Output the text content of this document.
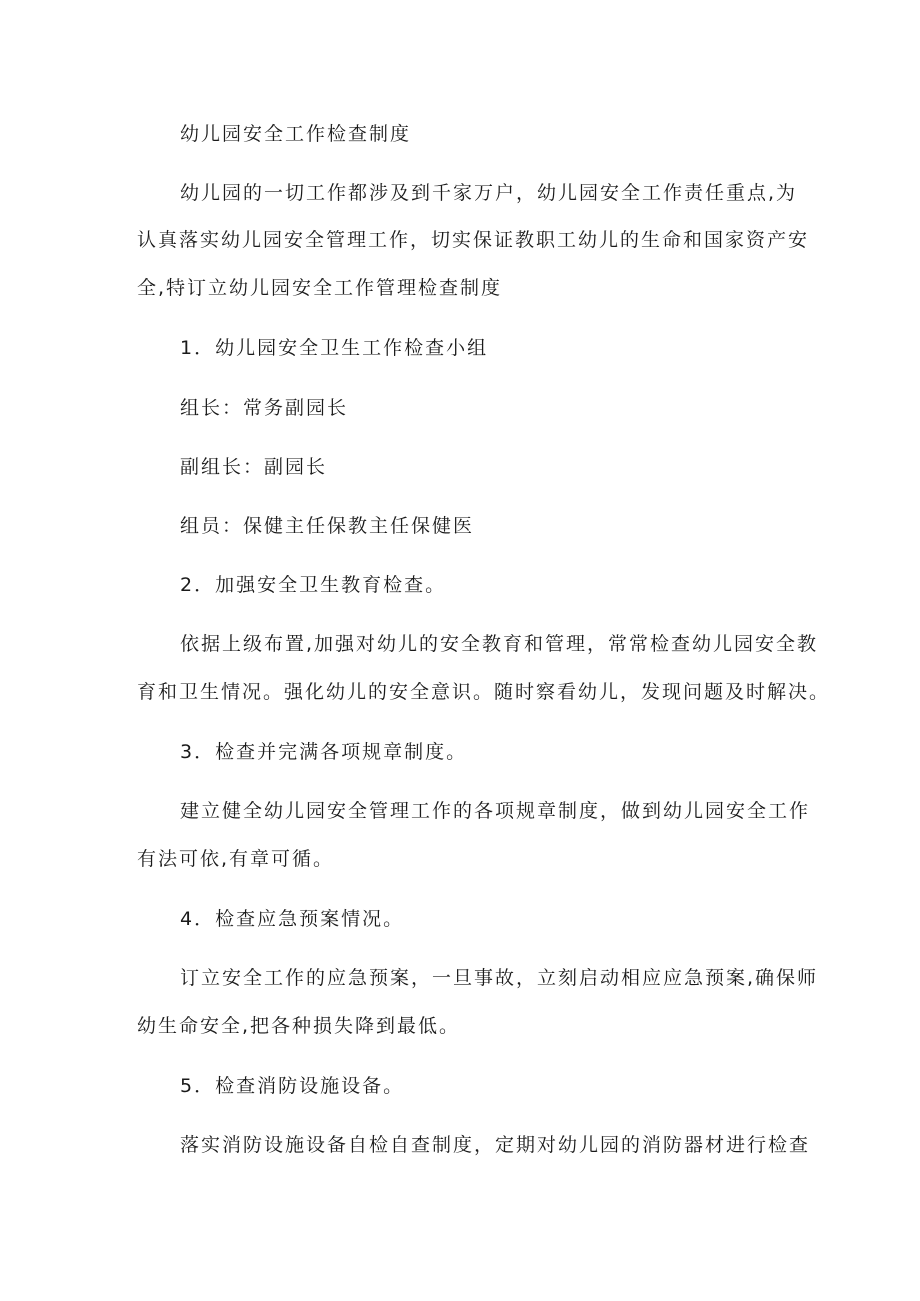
幼儿园安全工作检查制度

幼儿园的一切工作都涉及到千家万户，幼儿园安全工作责任重点,为

认真落实幼儿园安全管理工作，切实保证教职工幼儿的生命和国家资产安

全,特订立幼儿园安全工作管理检查制度

1．幼儿园安全卫生工作检查小组

组长：常务副园长

副组长：副园长

组员：保健主任保教主任保健医

2．加强安全卫生教育检查。

依据上级布置,加强对幼儿的安全教育和管理，常常检查幼儿园安全教

育和卫生情况。强化幼儿的安全意识。随时察看幼儿，发现问题及时解决。

3．检查并完满各项规章制度。

建立健全幼儿园安全管理工作的各项规章制度，做到幼儿园安全工作

有法可依,有章可循。

4．检查应急预案情况。

订立安全工作的应急预案，一旦事故，立刻启动相应应急预案,确保师

幼生命安全,把各种损失降到最低。

5．检查消防设施设备。

落实消防设施设备自检自查制度，定期对幼儿园的消防器材进行检查
